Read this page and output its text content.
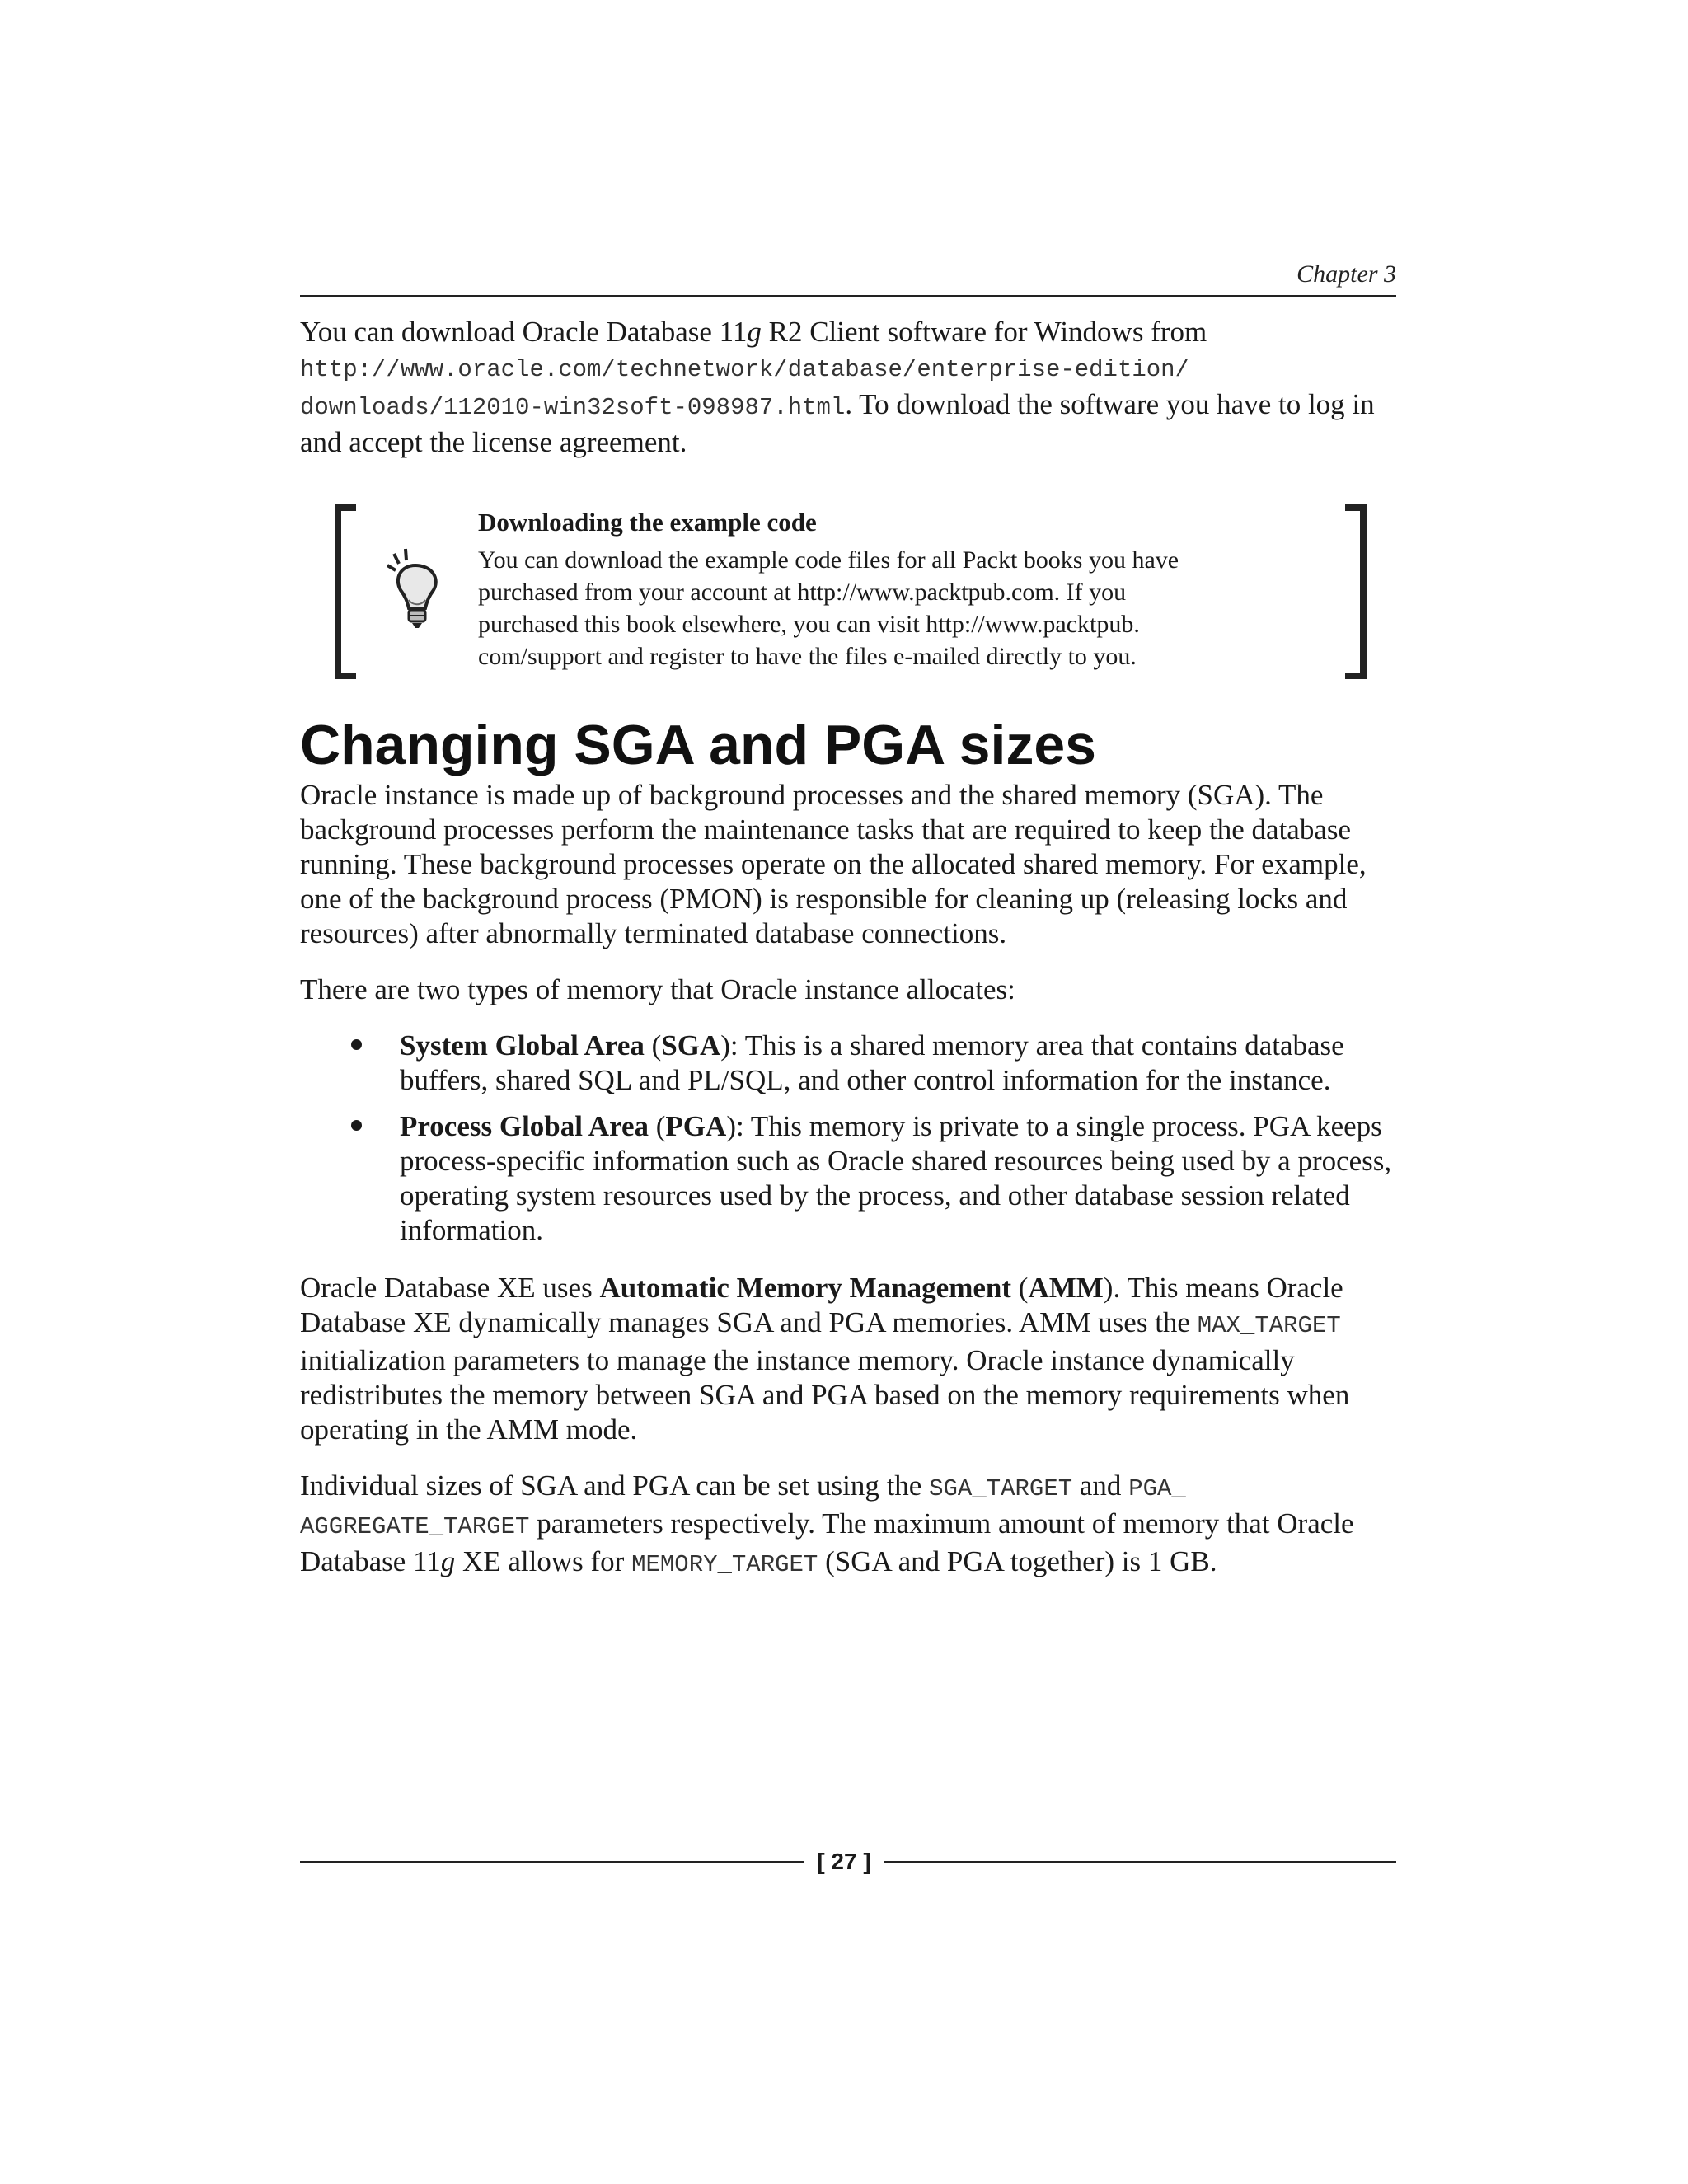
Chapter 3

You can download Oracle Database 11g R2 Client software for Windows from
http://www.oracle.com/technetwork/database/enterprise-edition/
downloads/112010-win32soft-098987.html. To download the software you have to log in and accept the license agreement.

Downloading the example code
You can download the example code files for all Packt books you have
purchased from your account at http://www.packtpub.com. If you
purchased this book elsewhere, you can visit http://www.packtpub.
com/support and register to have the files e-mailed directly to you.
Changing SGA and PGA sizes

Oracle instance is made up of background processes and the shared memory (SGA). The background processes perform the maintenance tasks that are required to keep the database running. These background processes operate on the allocated shared memory. For example, one of the background process (PMON) is responsible for cleaning up (releasing locks and resources) after abnormally terminated database connections.

There are two types of memory that Oracle instance allocates:

System Global Area (SGA): This is a shared memory area that contains database buffers, shared SQL and PL/SQL, and other control information for the instance.
Process Global Area (PGA): This memory is private to a single process. PGA keeps process-specific information such as Oracle shared resources being used by a process, operating system resources used by the process, and other database session related information.

Oracle Database XE uses Automatic Memory Management (AMM). This means Oracle Database XE dynamically manages SGA and PGA memories. AMM uses the MAX_TARGET initialization parameters to manage the instance memory. Oracle instance dynamically redistributes the memory between SGA and PGA based on the memory requirements when operating in the AMM mode.

Individual sizes of SGA and PGA can be set using the SGA_TARGET and PGA_
AGGREGATE_TARGET parameters respectively. The maximum amount of memory that Oracle Database 11g XE allows for MEMORY_TARGET (SGA and PGA together) is 1 GB.

[ 27 ]
